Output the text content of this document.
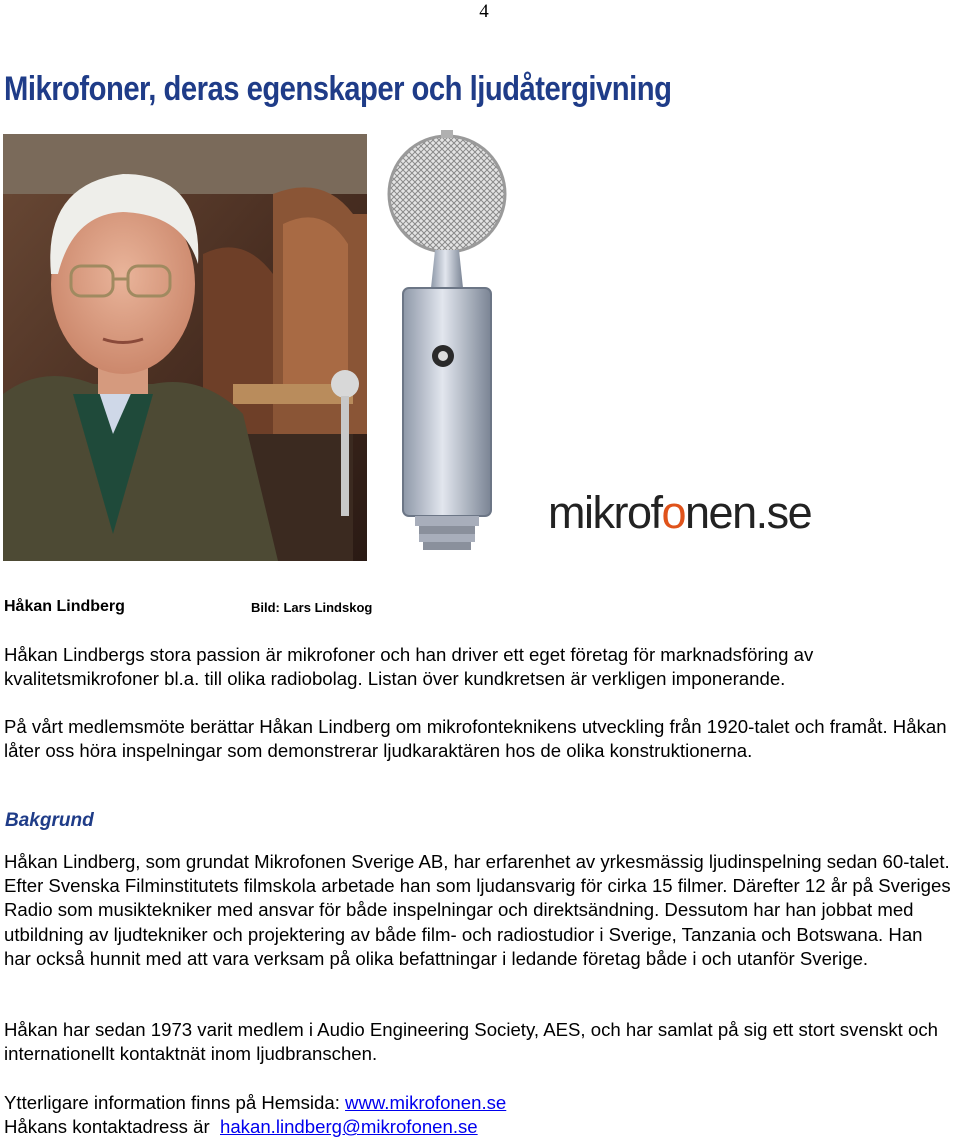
4
Mikrofoner, deras egenskaper och ljudåtergivning
mikrofonen.se
Håkan Lindberg	Bild: Lars Lindskog

Håkan Lindbergs stora passion är mikrofoner och han driver ett eget företag för marknadsföring av kvalitetsmikrofoner bl.a. till olika radiobolag. Listan över kundkretsen är verkligen imponerande.

På vårt medlemsmöte berättar Håkan Lindberg om mikrofonteknikens utveckling från 1920-talet och framåt. Håkan låter oss höra inspelningar som demonstrerar ljudkaraktären hos de olika konstruktionerna.

Bakgrund

Håkan Lindberg, som grundat Mikrofonen Sverige AB, har erfarenhet av yrkesmässig ljudinspelning sedan 60-talet. Efter Svenska Filminstitutets filmskola arbetade han som ljudansvarig för cirka 15 filmer. Därefter 12 år på Sveriges Radio som musiktekniker med ansvar för både inspelningar och direktsändning. Dessutom har han jobbat med utbildning av ljudtekniker och projektering av både film- och radiostudior i Sverige, Tanzania och Botswana. Han har också hunnit med att vara verksam på olika befattningar i ledande företag både i och utanför Sverige.

Håkan har sedan 1973 varit medlem i Audio Engineering Society, AES, och har samlat på sig ett stort svenskt och internationellt kontaktnät inom ljudbranschen.

Ytterligare information finns på Hemsida: www.mikrofonen.se
Håkans kontaktadress är  hakan.lindberg@mikrofonen.se
